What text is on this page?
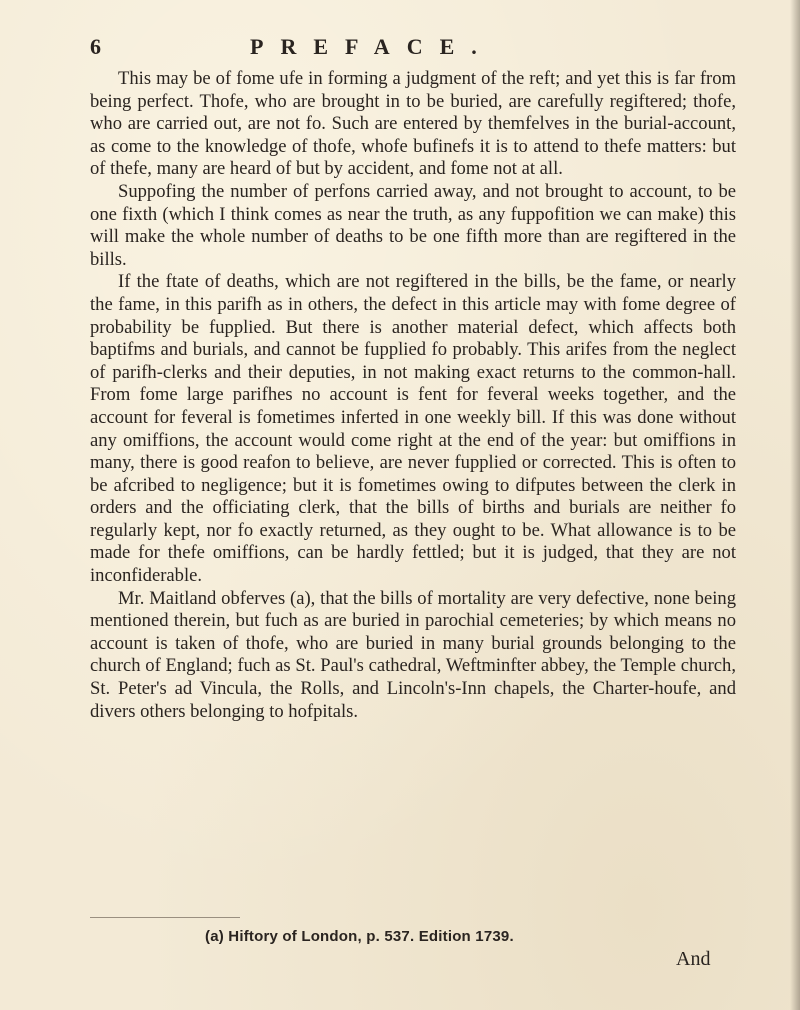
6	PREFACE.

This may be of fome ufe in forming a judgment of the reft; and yet this is far from being perfect. Thofe, who are brought in to be buried, are carefully regiftered; thofe, who are carried out, are not fo. Such are entered by themfelves in the burial-account, as come to the knowledge of thofe, whofe bufinefs it is to attend to thefe matters: but of thefe, many are heard of but by accident, and fome not at all.

Suppofing the number of perfons carried away, and not brought to account, to be one fixth (which I think comes as near the truth, as any fuppofition we can make) this will make the whole number of deaths to be one fifth more than are regiftered in the bills.

If the ftate of deaths, which are not regiftered in the bills, be the fame, or nearly the fame, in this parifh as in others, the defect in this article may with fome degree of probability be fupplied. But there is another material defect, which affects both baptifms and burials, and cannot be fupplied fo probably. This arifes from the neglect of parifh-clerks and their deputies, in not making exact returns to the common-hall. From fome large parifhes no account is fent for feveral weeks together, and the account for feveral is fometimes inferted in one weekly bill. If this was done without any omiffions, the account would come right at the end of the year: but omiffions in many, there is good reafon to believe, are never fupplied or corrected. This is often to be afcribed to negligence; but it is fometimes owing to difputes between the clerk in orders and the officiating clerk, that the bills of births and burials are neither fo regularly kept, nor fo exactly returned, as they ought to be. What allowance is to be made for thefe omiffions, can be hardly fettled; but it is judged, that they are not inconfiderable.

Mr. Maitland obferves (a), that the bills of mortality are very defective, none being mentioned therein, but fuch as are buried in parochial cemeteries; by which means no account is taken of thofe, who are buried in many burial grounds belonging to the church of England; fuch as St. Paul's cathedral, Weftminfter abbey, the Temple church, St. Peter's ad Vincula, the Rolls, and Lincoln's-Inn chapels, the Charter-houfe, and divers others belonging to hofpitals.

(a) Hiftory of London, p. 537. Edition 1739.
And
